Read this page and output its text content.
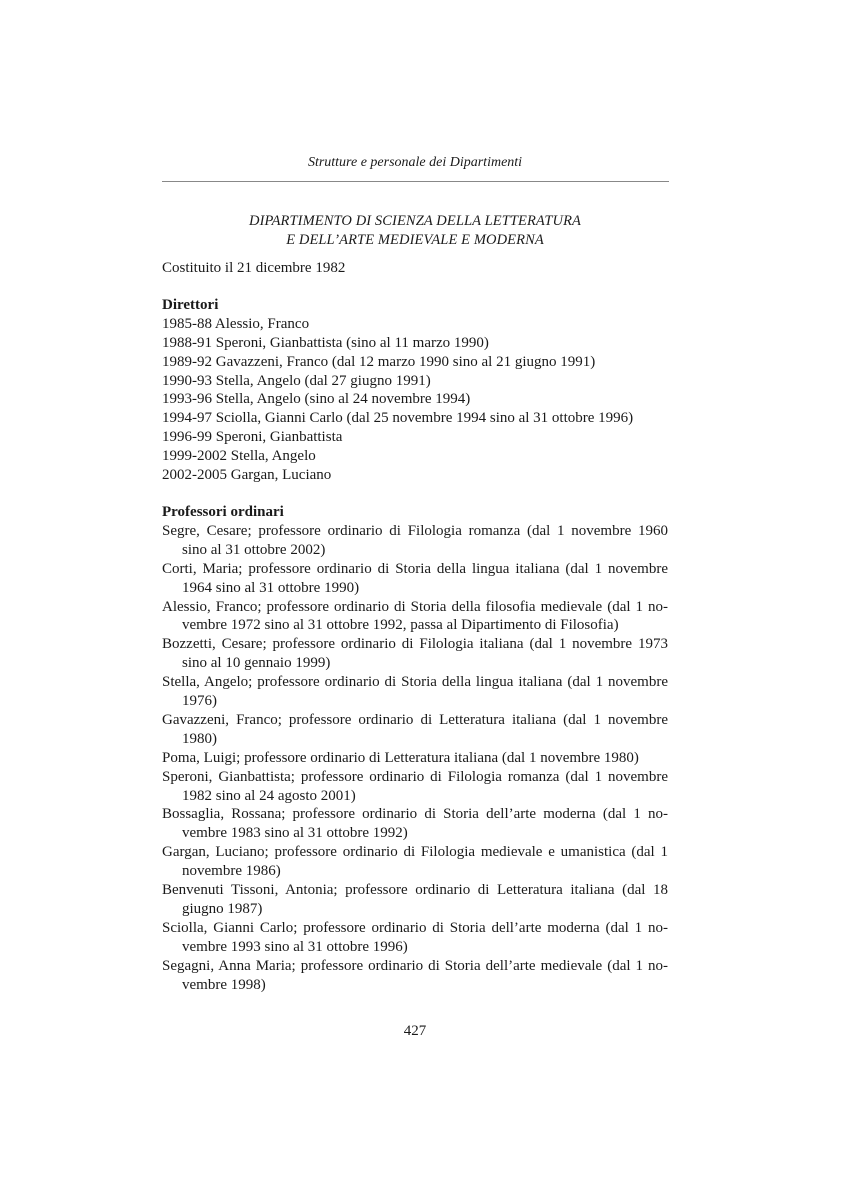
Strutture e personale dei Dipartimenti
DIPARTIMENTO DI SCIENZA DELLA LETTERATURA
E DELL’ARTE MEDIEVALE E MODERNA
Costituito il 21 dicembre 1982
Direttori
1985-88 Alessio, Franco
1988-91 Speroni, Gianbattista (sino al 11 marzo 1990)
1989-92 Gavazzeni, Franco (dal 12 marzo 1990 sino al 21 giugno 1991)
1990-93 Stella, Angelo (dal 27 giugno 1991)
1993-96 Stella, Angelo (sino al 24 novembre 1994)
1994-97 Sciolla, Gianni Carlo (dal 25 novembre 1994 sino al 31 ottobre 1996)
1996-99 Speroni, Gianbattista
1999-2002 Stella, Angelo
2002-2005 Gargan, Luciano
Professori ordinari
Segre, Cesare; professore ordinario di Filologia romanza (dal 1 novembre 1960
sino al 31 ottobre 2002)
Corti, Maria; professore ordinario di Storia della lingua italiana (dal 1 novembre
1964 sino al 31 ottobre 1990)
Alessio, Franco; professore ordinario di Storia della filosofia medievale (dal 1 no-
vembre 1972 sino al 31 ottobre 1992, passa al Dipartimento di Filosofia)
Bozzetti, Cesare; professore ordinario di Filologia italiana (dal 1 novembre 1973
sino al 10 gennaio 1999)
Stella, Angelo; professore ordinario di Storia della lingua italiana (dal 1 novembre
1976)
Gavazzeni, Franco; professore ordinario di Letteratura italiana (dal 1 novembre
1980)
Poma, Luigi; professore ordinario di Letteratura italiana (dal 1 novembre 1980)
Speroni, Gianbattista; professore ordinario di Filologia romanza (dal 1 novembre
1982 sino al 24 agosto 2001)
Bossaglia, Rossana; professore ordinario di Storia dell’arte moderna (dal 1 no-
vembre 1983 sino al 31 ottobre 1992)
Gargan, Luciano; professore ordinario di Filologia medievale e umanistica (dal 1
novembre 1986)
Benvenuti Tissoni, Antonia; professore ordinario di Letteratura italiana (dal 18
giugno 1987)
Sciolla, Gianni Carlo; professore ordinario di Storia dell’arte moderna (dal 1 no-
vembre 1993 sino al 31 ottobre 1996)
Segagni, Anna Maria; professore ordinario di Storia dell’arte medievale (dal 1 no-
vembre 1998)
427
